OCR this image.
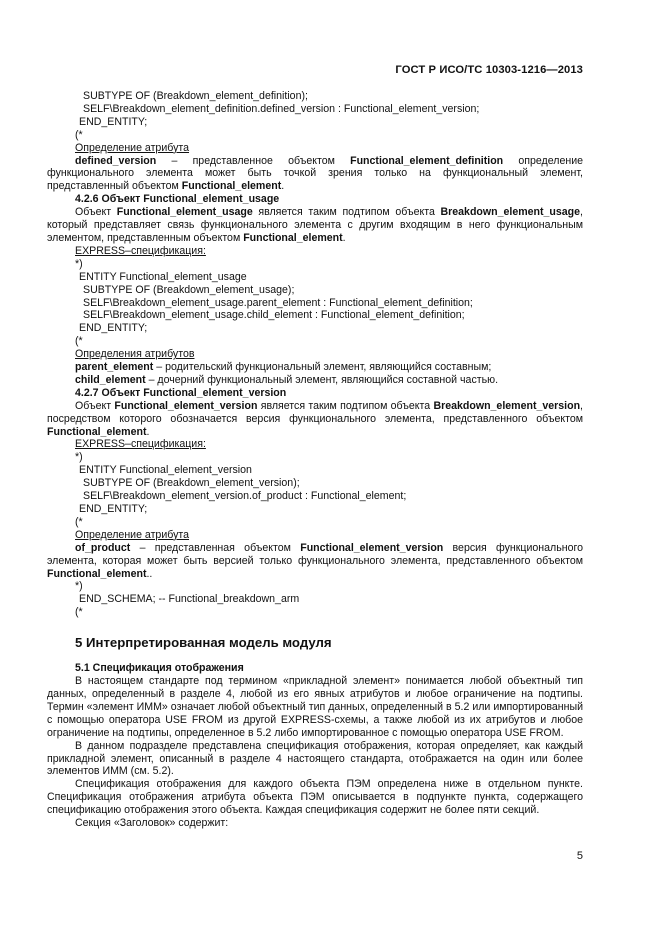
ГОСТ Р ИСО/ТС 10303-1216—2013
SUBTYPE OF (Breakdown_element_definition);
SELF\Breakdown_element_definition.defined_version : Functional_element_version;
END_ENTITY;
(*
Определение атрибута
defined_version – представленное объектом Functional_element_definition определение функционального элемента может быть точкой зрения только на функциональный элемент, представленный объектом Functional_element.
4.2.6 Объект Functional_element_usage
Объект Functional_element_usage является таким подтипом объекта Breakdown_element_usage, который представляет связь функционального элемента с другим входящим в него функциональным элементом, представленным объектом Functional_element.
EXPRESS–спецификация:
*)
ENTITY Functional_element_usage
SUBTYPE OF (Breakdown_element_usage);
SELF\Breakdown_element_usage.parent_element : Functional_element_definition;
SELF\Breakdown_element_usage.child_element : Functional_element_definition;
END_ENTITY;
(*
Определения атрибутов
parent_element – родительский функциональный элемент, являющийся составным;
child_element – дочерний функциональный элемент, являющийся составной частью.
4.2.7 Объект Functional_element_version
Объект Functional_element_version является таким подтипом объекта Breakdown_element_version, посредством которого обозначается версия функционального элемента, представленного объектом Functional_element.
EXPRESS–спецификация:
*)
ENTITY Functional_element_version
SUBTYPE OF (Breakdown_element_version);
SELF\Breakdown_element_version.of_product : Functional_element;
END_ENTITY;
(*
Определение атрибута
of_product – представленная объектом Functional_element_version версия функционального элемента, которая может быть версией только функционального элемента, представленного объектом Functional_element..
*)
END_SCHEMA; -- Functional_breakdown_arm
(*
5 Интерпретированная модель модуля
5.1 Спецификация отображения
В настоящем стандарте под термином «прикладной элемент» понимается любой объектный тип данных, определенный в разделе 4, любой из его явных атрибутов и любое ограничение на подтипы. Термин «элемент ИММ» означает любой объектный тип данных, определенный в 5.2 или импортированный с помощью оператора USE FROM из другой EXPRESS-схемы, а также любой из их атрибутов и любое ограничение на подтипы, определенное в 5.2 либо импортированное с помощью оператора USE FROM.
В данном подразделе представлена спецификация отображения, которая определяет, как каждый прикладной элемент, описанный в разделе 4 настоящего стандарта, отображается на один или более элементов ИММ (см. 5.2).
Спецификация отображения для каждого объекта ПЭМ определена ниже в отдельном пункте. Спецификация отображения атрибута объекта ПЭМ описывается в подпункте пункта, содержащего спецификацию отображения этого объекта. Каждая спецификация содержит не более пяти секций.
Секция «Заголовок» содержит:
5
